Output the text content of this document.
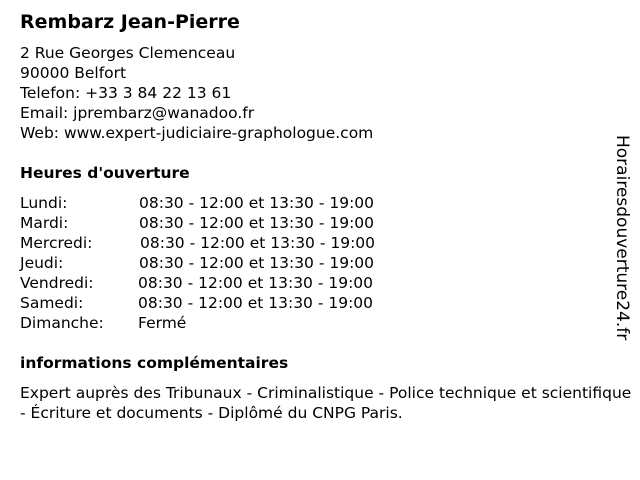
Rembarz Jean-Pierre
2 Rue Georges Clemenceau
90000 Belfort
Telefon: +33 3 84 22 13 61
Email: jprembarz@wanadoo.fr
Web: www.expert-judiciaire-graphologue.com
Heures d'ouverture
Lundi:	08:30 - 12:00 et 13:30 - 19:00
Mardi:	08:30 - 12:00 et 13:30 - 19:00
Mercredi:	08:30 - 12:00 et 13:30 - 19:00
Jeudi:	08:30 - 12:00 et 13:30 - 19:00
Vendredi:	08:30 - 12:00 et 13:30 - 19:00
Samedi:	08:30 - 12:00 et 13:30 - 19:00
Dimanche: Fermé
informations complémentaires
Expert auprès des Tribunaux - Criminalistique - Police technique et scientifique - Écriture et documents - Diplômé du CNPG Paris.
Horairesdouverture24.fr
